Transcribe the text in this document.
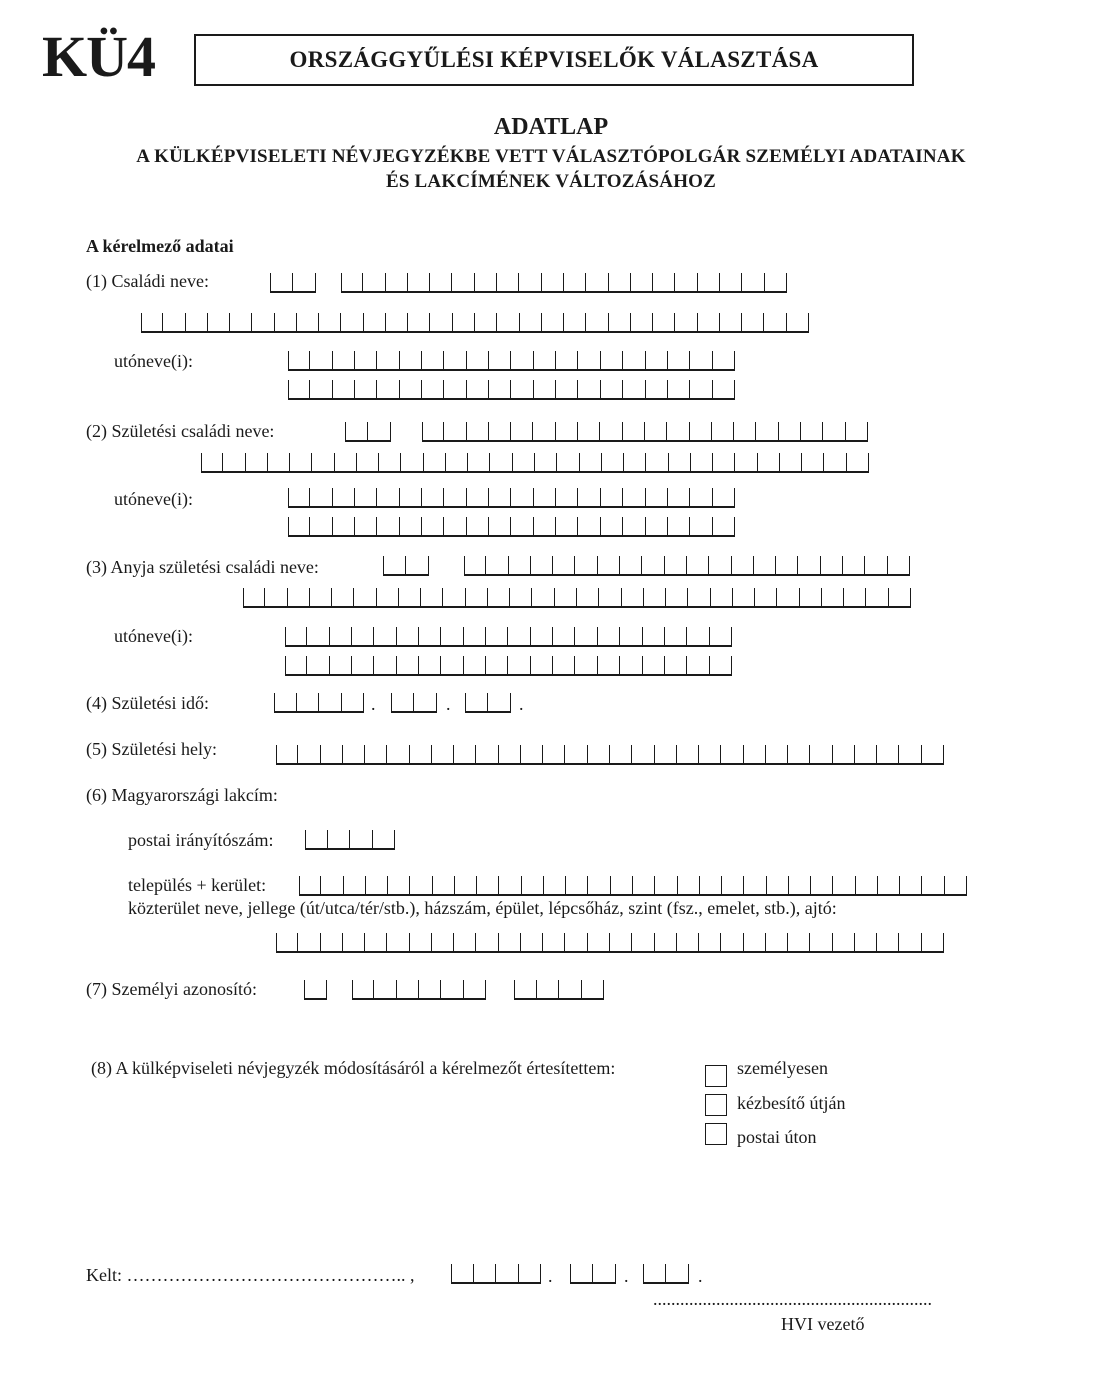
KÜ4	ORSZÁGGYŰLÉSI KÉPVISELŐK VÁLASZTÁSA
ADATLAP
A KÜLKÉPVISELETI NÉVJEGYZÉKBE VETT VÁLASZTÓPOLGÁR SZEMÉLYI ADATAINAK
ÉS LAKCÍMÉNEK VÁLTOZÁSÁHOZ
A kérelmező adatai
(1) Családi neve:
utóneve(i):
(2) Születési családi neve:
utóneve(i):
(3) Anyja születési családi neve:
utóneve(i):
(4) Születési idő:	.	.	.
(5) Születési hely:
(6) Magyarországi lakcím:
postai irányítószám:
település + kerület:
közterület neve, jellege (út/utca/tér/stb.), házszám, épület, lépcsőház, szint (fsz., emelet, stb.), ajtó:
(7) Személyi azonosító:
(8) A külképviseleti névjegyzék módosításáról a kérelmezőt értesítettem:	személyesen
kézbesítő útján
postai úton
Kelt: ……………………………………….. ,	.	.	.
..............................................................
HVI vezető
